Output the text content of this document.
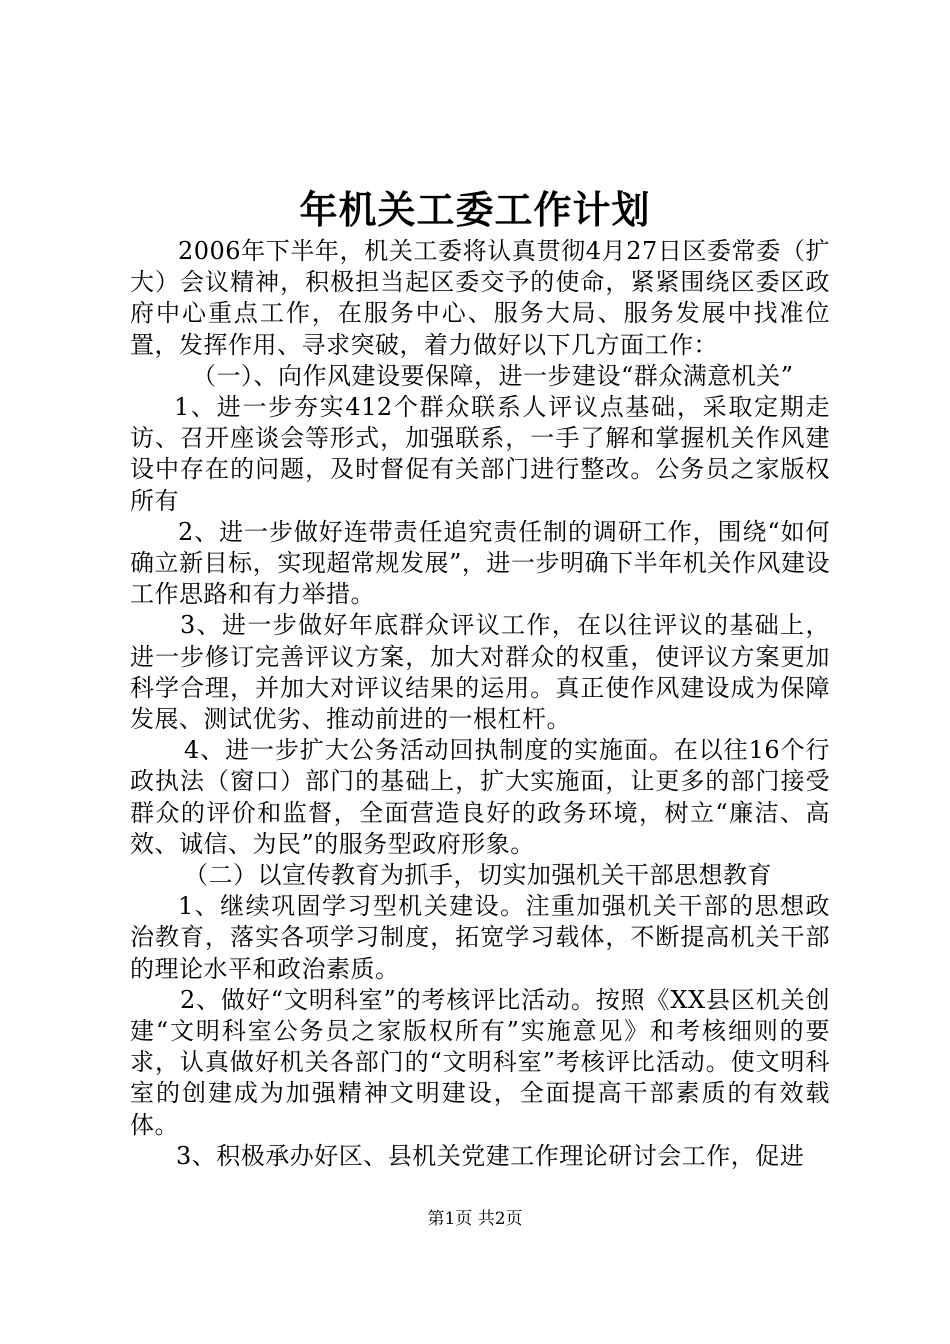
年机关工委工作计划

2006年下半年，机关工委将认真贯彻4月27日区委常委（扩大）会议精神，积极担当起区委交予的使命，紧紧围绕区委区政府中心重点工作，在服务中心、服务大局、服务发展中找准位置，发挥作用、寻求突破，着力做好以下几方面工作：

（一）、向作风建设要保障，进一步建设“群众满意机关”

1、进一步夯实412个群众联系人评议点基础，采取定期走访、召开座谈会等形式，加强联系，一手了解和掌握机关作风建设中存在的问题，及时督促有关部门进行整改。公务员之家版权所有

2、进一步做好连带责任追究责任制的调研工作，围绕“如何确立新目标，实现超常规发展”，进一步明确下半年机关作风建设工作思路和有力举措。

3、进一步做好年底群众评议工作，在以往评议的基础上，进一步修订完善评议方案，加大对群众的权重，使评议方案更加科学合理，并加大对评议结果的运用。真正使作风建设成为保障发展、测试优劣、推动前进的一根杠杆。

4、进一步扩大公务活动回执制度的实施面。在以往16个行政执法（窗口）部门的基础上，扩大实施面，让更多的部门接受群众的评价和监督，全面营造良好的政务环境，树立“廉洁、高效、诚信、为民”的服务型政府形象。

（二）以宣传教育为抓手，切实加强机关干部思想教育

1、继续巩固学习型机关建设。注重加强机关干部的思想政治教育，落实各项学习制度，拓宽学习载体，不断提高机关干部的理论水平和政治素质。

2、做好“文明科室”的考核评比活动。按照《XX县区机关创建“文明科室公务员之家版权所有”实施意见》和考核细则的要求，认真做好机关各部门的“文明科室”考核评比活动。使文明科室的创建成为加强精神文明建设，全面提高干部素质的有效载体。

3、积极承办好区、县机关党建工作理论研讨会工作，促进

第1页 共2页
